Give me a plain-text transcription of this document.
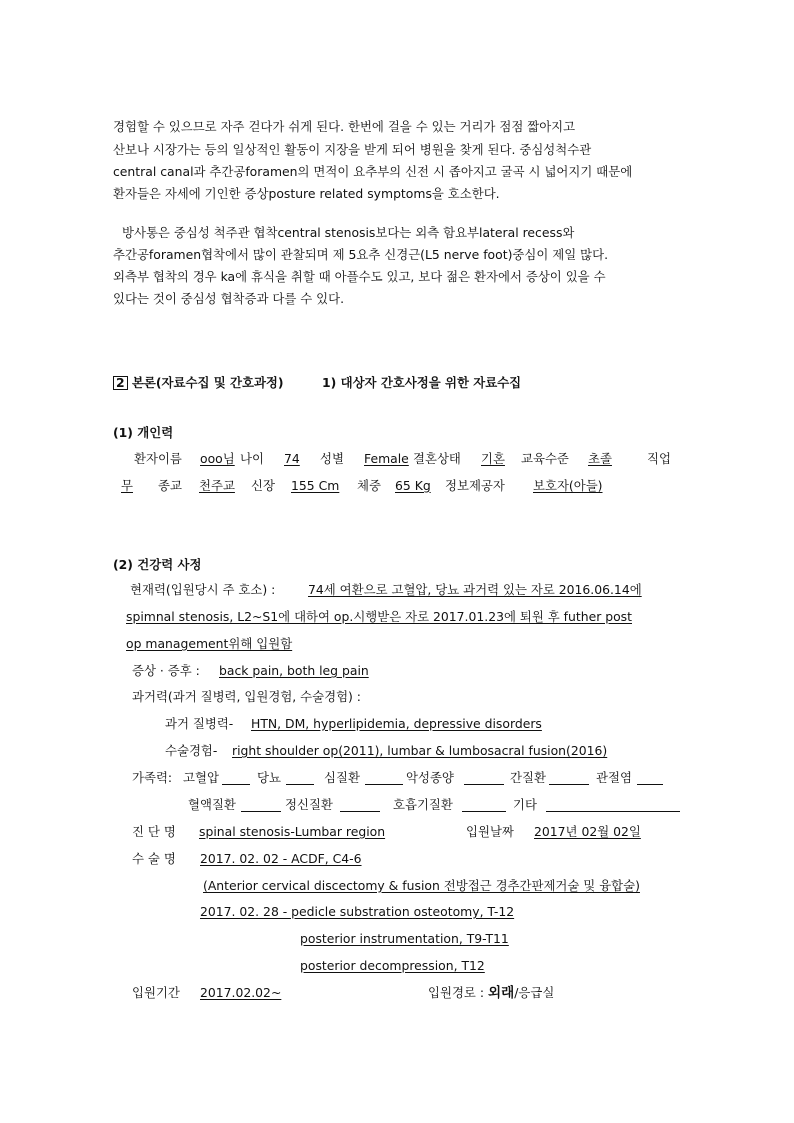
경험할 수 있으므로 자주 걷다가 쉬게 된다. 한번에 걸을 수 있는 거리가 점점 짧아지고
산보나 시장가는 등의 일상적인 활동이 지장을 받게 되어 병원을 찾게 된다. 중심성척수관
central canal과 추간공foramen의 면적이 요추부의 신전 시 좁아지고 굴곡 시 넓어지기 때문에
환자들은 자세에 기인한 증상posture related symptoms을 호소한다.
방사통은 중심성 척주관 협착central stenosis보다는 외측 함요부lateral recess와
추간공foramen협착에서 많이 관찰되며 제 5요추 신경근(L5 nerve foot)중심이 제일 많다.
외측부 협착의 경우 ka에 휴식을 취할 때 아플수도 있고, 보다 젊은 환자에서 증상이 있을 수
있다는 것이 중심성 협착증과 다를 수 있다.
2 본론(자료수집 및 간호과정)	1) 대상자 간호사정을 위한 자료수집
(1) 개인력
환자이름	ooo님 나이	74	성별	Female 결혼상태	기혼	교육수준	초졸	직업
무	종교	천주교	신장	155 Cm	체중	65 Kg	정보제공자	보호자(아들)
(2) 건강력 사정
현재력(입원당시 주 호소) :	74세 여환으로 고혈압, 당뇨 과거력 있는 자로 2016.06.14에
spimnal stenosis, L2~S1에 대하여 op.시행받은 자로 2017.01.23에 퇴원 후 futher post
op management위해 입원함
증상 · 증후 : back pain, both leg pain
과거력(과거 질병력, 입원경험, 수술경험) :
과거 질병력- HTN, DM, hyperlipidemia, depressive disorders
수술경험- right shoulder op(2011), lumbar & lumbosacral fusion(2016)
가족력: 고혈압	당뇨	심질환	악성종양	간질환	관절염
혈액질환	정신질환	호흡기질환	기타
진 단 명	spinal stenosis-Lumbar region	입원날짜	2017년 02월 02일
수 술 명 2017. 02. 02 - ACDF, C4-6
(Anterior cervical discectomy & fusion 전방접근 경추간판제거술 및 융합술)
2017. 02. 28 - pedicle substration osteotomy, T-12
posterior instrumentation, T9-T11
posterior decompression, T12
입원기간	2017.02.02~	입원경로 : 외래/응급실
